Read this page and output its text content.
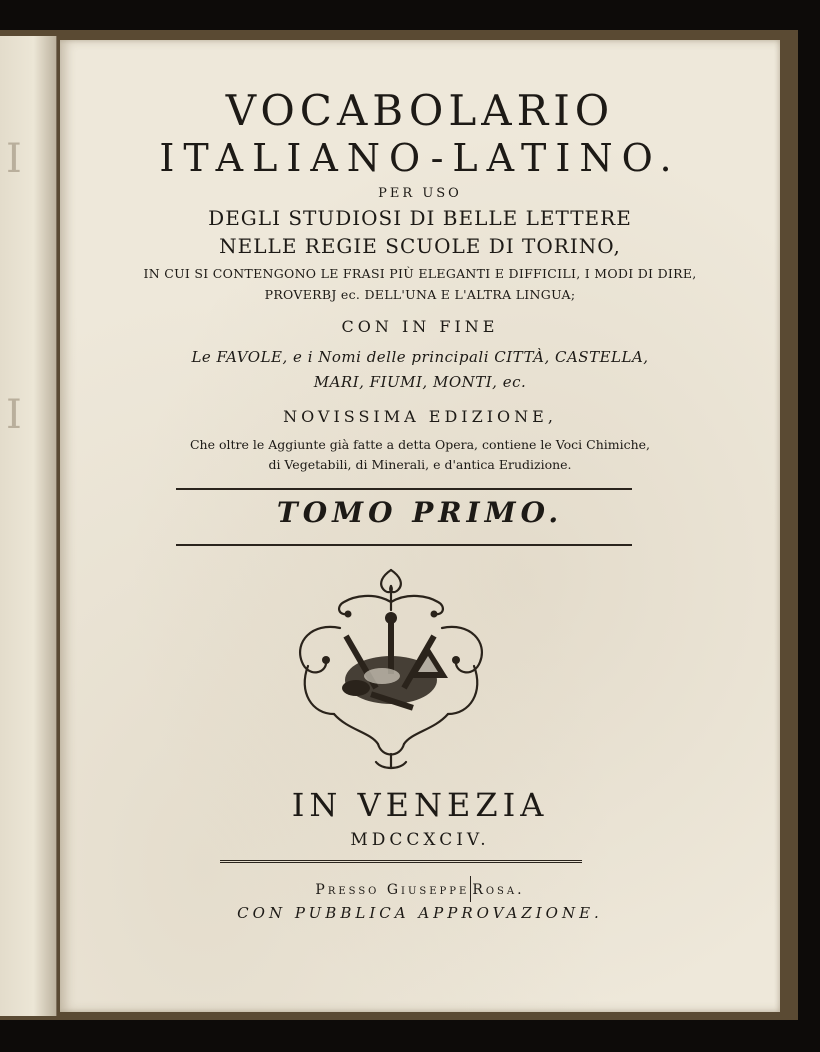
I
I
VOCABOLARIO
ITALIANO-LATINO.
PER USO
DEGLI STUDIOSI DI BELLE LETTERE
NELLE REGIE SCUOLE DI TORINO,
IN CUI SI CONTENGONO LE FRASI PIÙ ELEGANTI E DIFFICILI, I MODI DI DIRE,
PROVERBJ ec. DELL'UNA E L'ALTRA LINGUA;
CON IN FINE
Le FAVOLE, e i Nomi delle principali CITTÀ, CASTELLA,
MARI, FIUMI, MONTI, ec.
NOVISSIMA EDIZIONE,
Che oltre le Aggiunte già fatte a detta Opera, contiene le Voci Chimiche,
di Vegetabili, di Minerali, e d'antica Erudizione.
TOMO PRIMO.
IN VENEZIA
MDCCXCIV.
Presso Giuseppe Rosa.
CON PUBBLICA APPROVAZIONE.
